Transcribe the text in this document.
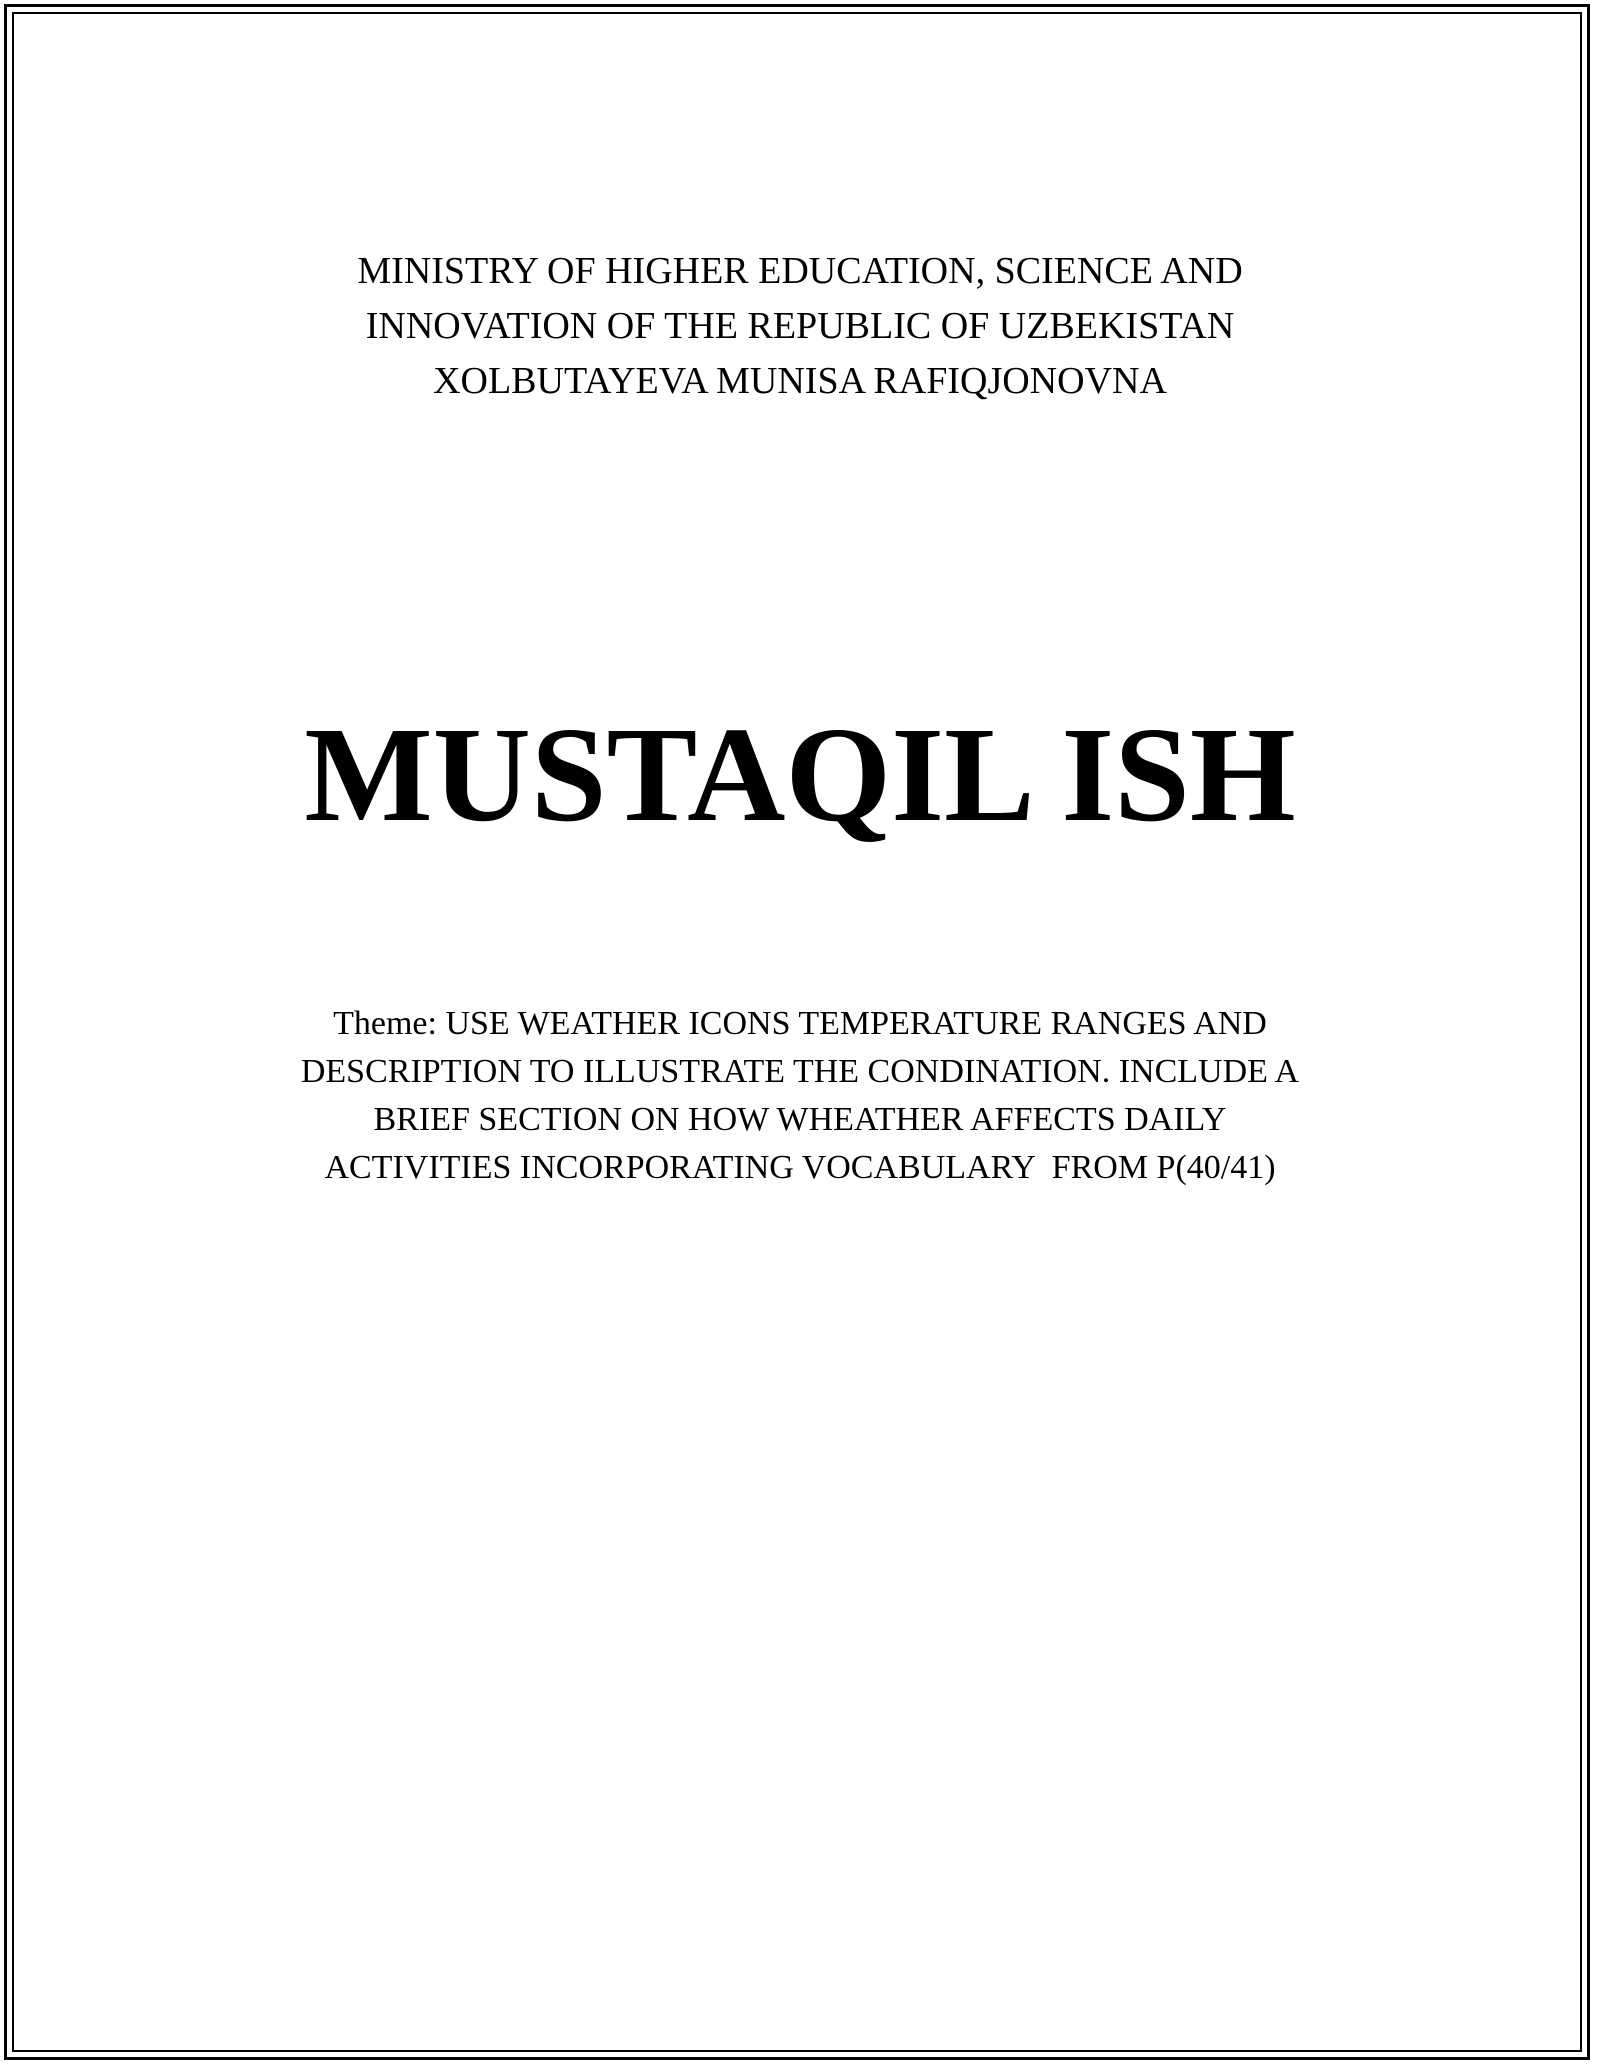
MINISTRY OF HIGHER EDUCATION, SCIENCE AND
INNOVATION OF THE REPUBLIC OF UZBEKISTAN
XOLBUTAYEVA MUNISA RAFIQJONOVNA
MUSTAQIL ISH
Theme: USE WEATHER ICONS TEMPERATURE RANGES AND
DESCRIPTION TO ILLUSTRATE THE CONDINATION. INCLUDE A
BRIEF SECTION ON HOW WHEATHER AFFECTS DAILY
ACTIVITIES INCORPORATING VOCABULARY  FROM P(40/41)
